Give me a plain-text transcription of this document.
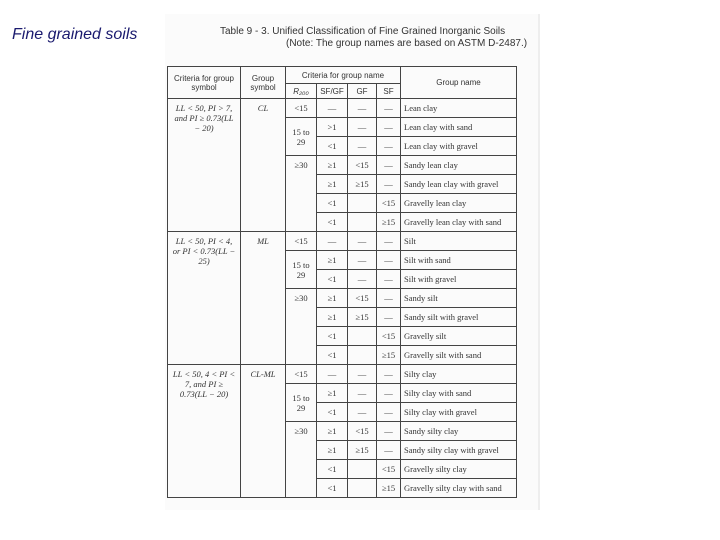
Fine grained soils	Table 9 - 3. Unified Classification of Fine Grained Inorganic Soils
(Note: The group names are based on ASTM D-2487.)
Criteria for group symbol	Group symbol	Criteria for group name				Group name
		R₂₀₀	SF/GF	GF	SF	
LL < 50, PI > 7, and PI ≥ 0.73(LL − 20)	CL	<15	—	—	—	Lean clay
		15 to 29	>1	—	—	Lean clay with sand
			<1	—	—	Lean clay with gravel
		≥30	≥1	<15	—	Sandy lean clay
			≥1	≥15	—	Sandy lean clay with gravel
			<1		<15	Gravelly lean clay
			<1		≥15	Gravelly lean clay with sand
LL < 50, PI < 4, or PI < 0.73(LL − 25)	ML	<15	—	—	—	Silt
		15 to 29	≥1	—	—	Silt with sand
			<1	—	—	Silt with gravel
		≥30	≥1	<15	—	Sandy silt
			≥1	≥15	—	Sandy silt with gravel
			<1		<15	Gravelly silt
			<1		≥15	Gravelly silt with sand
LL < 50, 4 < PI < 7, and PI ≥ 0.73(LL − 20)	CL-ML	<15	—	—	—	Silty clay
		15 to 29	≥1	—	—	Silty clay with sand
			<1	—	—	Silty clay with gravel
		≥30	≥1	<15	—	Sandy silty clay
			≥1	≥15	—	Sandy silty clay with gravel
			<1		<15	Gravelly silty clay
			<1		≥15	Gravelly silty clay with sand
